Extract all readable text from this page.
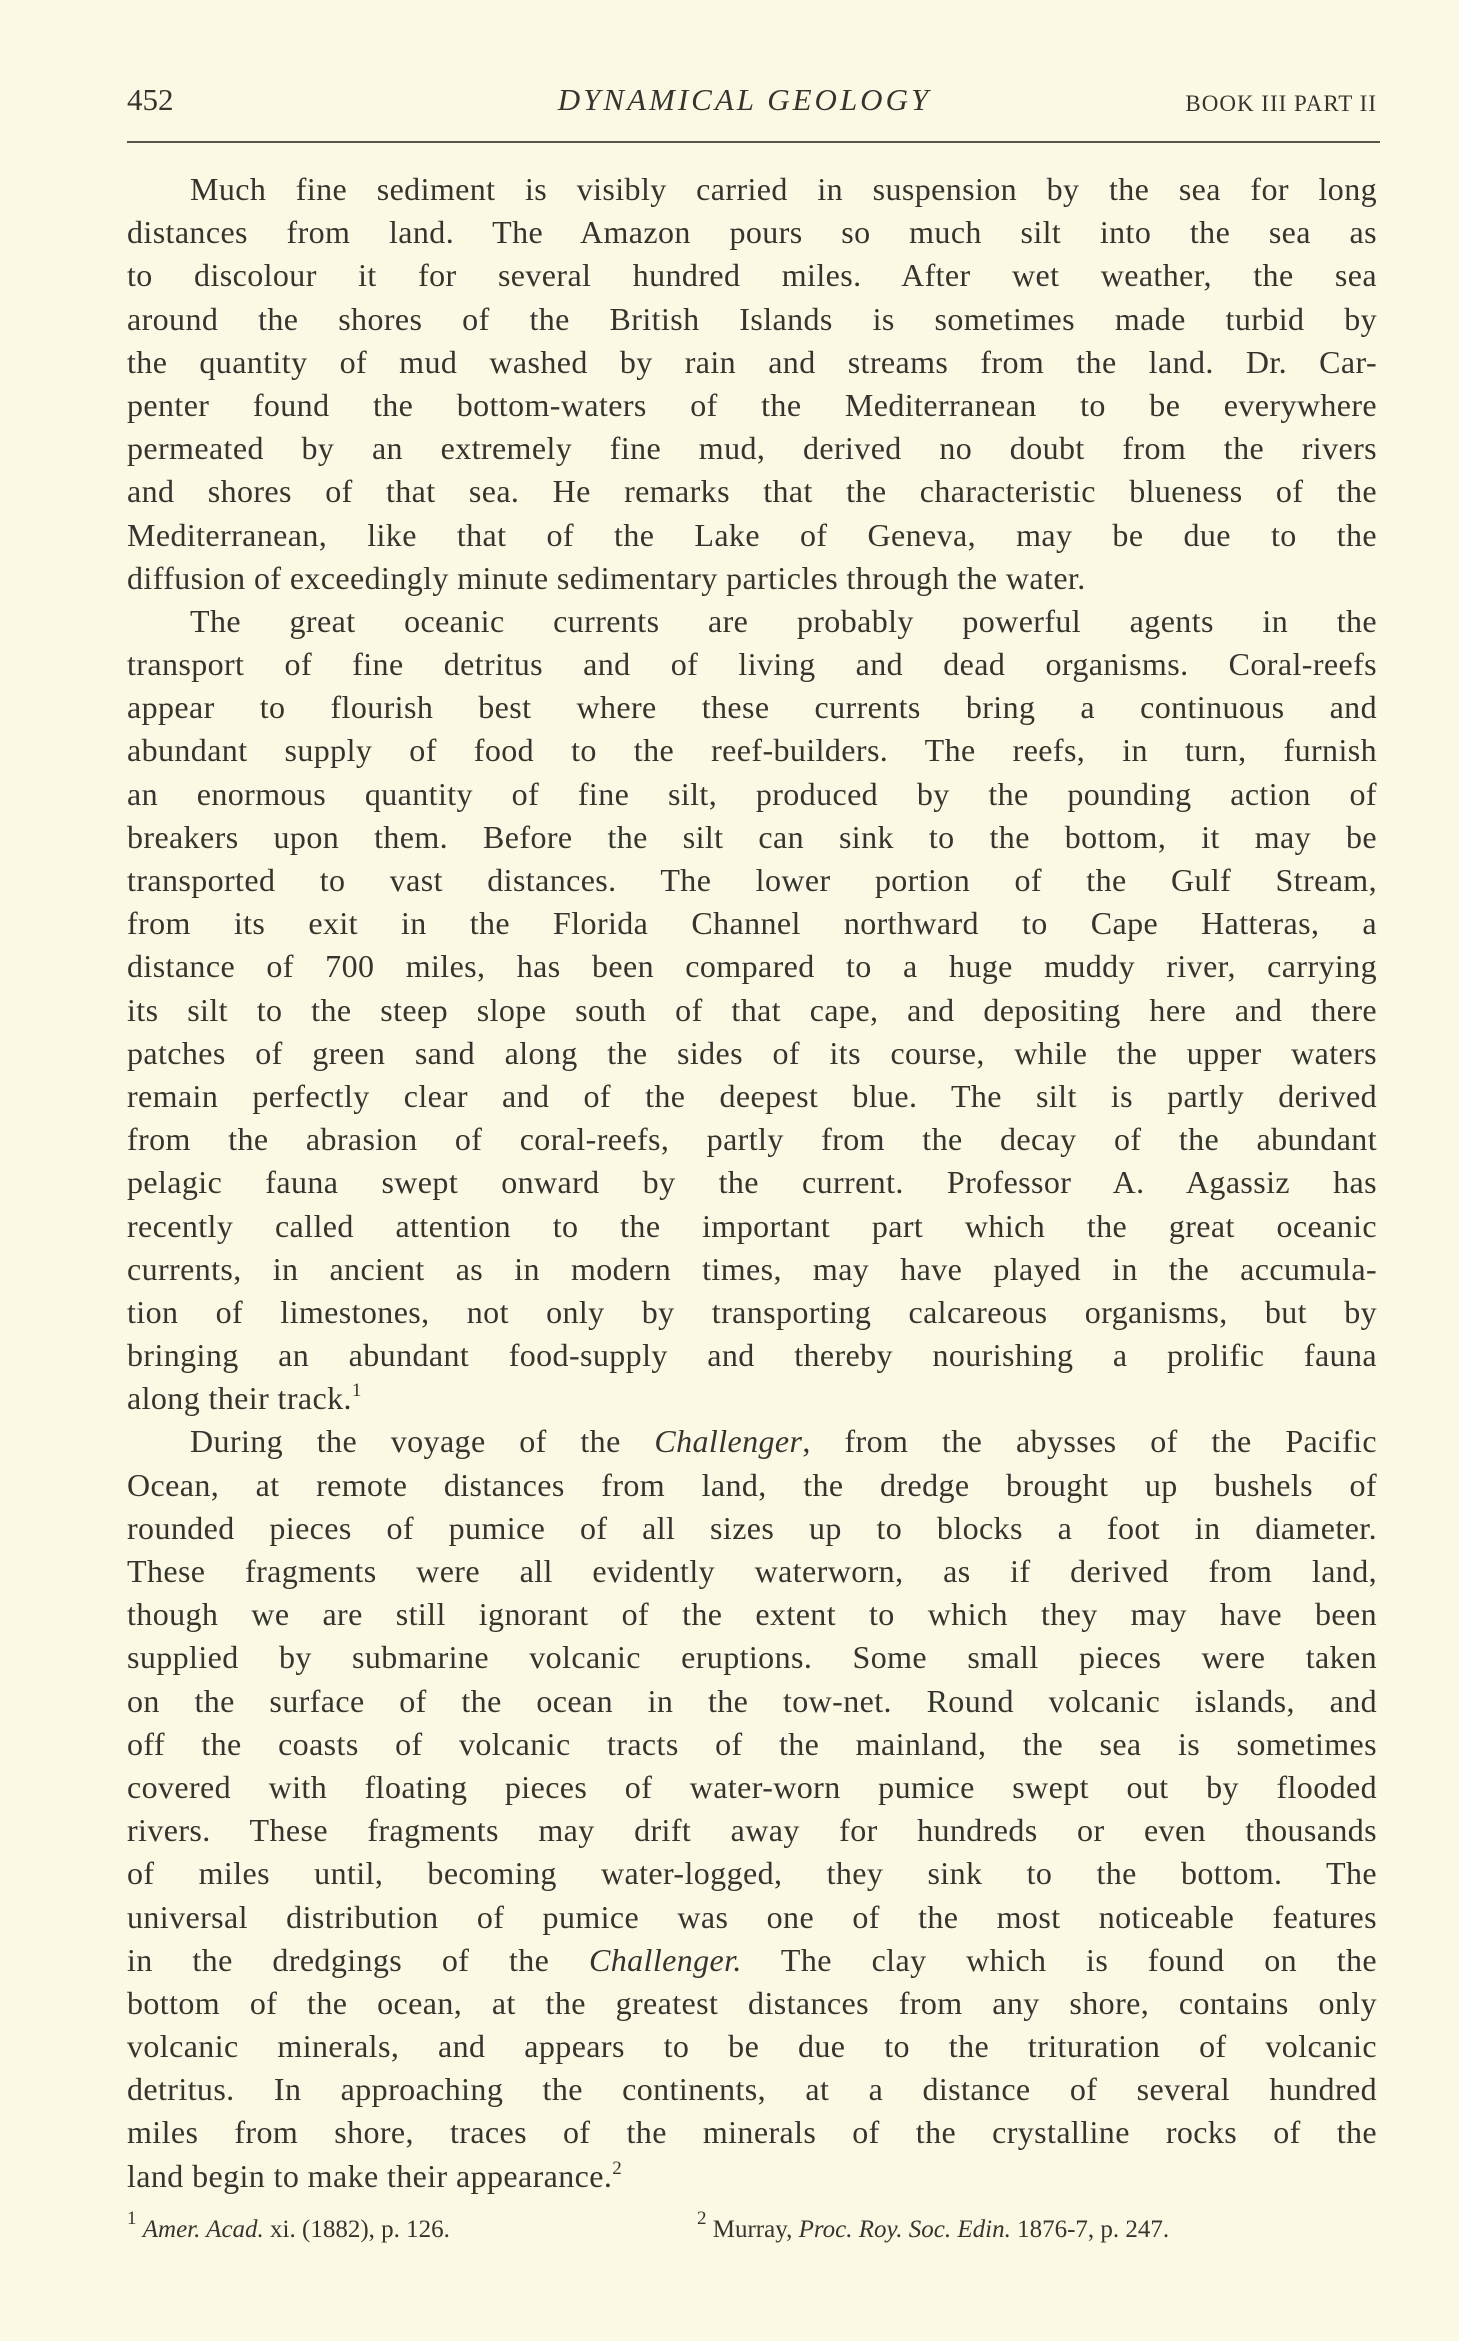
452	DYNAMICAL GEOLOGY	BOOK III PART II
Much fine sediment is visibly carried in suspension by the sea for long
distances from land. The Amazon pours so much silt into the sea as
to discolour it for several hundred miles. After wet weather, the sea
around the shores of the British Islands is sometimes made turbid by
the quantity of mud washed by rain and streams from the land. Dr. Car-
penter found the bottom-waters of the Mediterranean to be everywhere
permeated by an extremely fine mud, derived no doubt from the rivers
and shores of that sea. He remarks that the characteristic blueness of the
Mediterranean, like that of the Lake of Geneva, may be due to the
diffusion of exceedingly minute sedimentary particles through the water.
The great oceanic currents are probably powerful agents in the
transport of fine detritus and of living and dead organisms. Coral-reefs
appear to flourish best where these currents bring a continuous and
abundant supply of food to the reef-builders. The reefs, in turn, furnish
an enormous quantity of fine silt, produced by the pounding action of
breakers upon them. Before the silt can sink to the bottom, it may be
transported to vast distances. The lower portion of the Gulf Stream,
from its exit in the Florida Channel northward to Cape Hatteras, a
distance of 700 miles, has been compared to a huge muddy river, carrying
its silt to the steep slope south of that cape, and depositing here and there
patches of green sand along the sides of its course, while the upper waters
remain perfectly clear and of the deepest blue. The silt is partly derived
from the abrasion of coral-reefs, partly from the decay of the abundant
pelagic fauna swept onward by the current. Professor A. Agassiz has
recently called attention to the important part which the great oceanic
currents, in ancient as in modern times, may have played in the accumula-
tion of limestones, not only by transporting calcareous organisms, but by
bringing an abundant food-supply and thereby nourishing a prolific fauna
along their track.$^1$
During the voyage of the Challenger, from the abysses of the Pacific
Ocean, at remote distances from land, the dredge brought up bushels of
rounded pieces of pumice of all sizes up to blocks a foot in diameter.
These fragments were all evidently waterworn, as if derived from land,
though we are still ignorant of the extent to which they may have been
supplied by submarine volcanic eruptions. Some small pieces were taken
on the surface of the ocean in the tow-net. Round volcanic islands, and
off the coasts of volcanic tracts of the mainland, the sea is sometimes
covered with floating pieces of water-worn pumice swept out by flooded
rivers. These fragments may drift away for hundreds or even thousands
of miles until, becoming water-logged, they sink to the bottom. The
universal distribution of pumice was one of the most noticeable features
in the dredgings of the Challenger. The clay which is found on the
bottom of the ocean, at the greatest distances from any shore, contains only
volcanic minerals, and appears to be due to the trituration of volcanic
detritus. In approaching the continents, at a distance of several hundred
miles from shore, traces of the minerals of the crystalline rocks of the
land begin to make their appearance.$^2$
$^1$ Amer. Acad. xi. (1882), p. 126.	$^2$ Murray, Proc. Roy. Soc. Edin. 1876-7, p. 247.
